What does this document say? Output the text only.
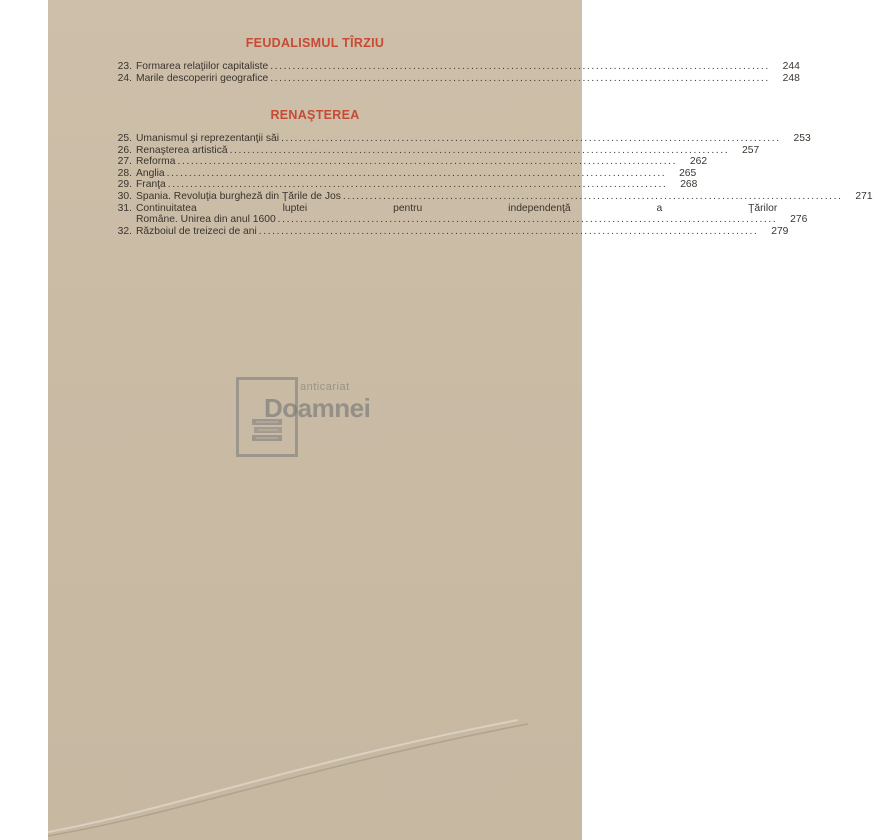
FEUDALISMUL TÎRZIU
23. Formarea relaţiilor capitaliste ................................................................................................................	244
24. Marile descoperiri geografice ................................................................................................................	248
RENAŞTEREA
25. Umanismul şi reprezentanţii săi ................................................................................................................	253
26. Renaşterea artistică ................................................................................................................	257
27. Reforma ................................................................................................................	262
28. Anglia ................................................................................................................	265
29. Franţa ................................................................................................................	268
30. Spania. Revoluţia burgheză din Ţările de Jos ................................................................................................................	271
31. Continuitatea luptei pentru independenţă a Ţărilor
Române. Unirea din anul 1600 ................................................................................................................	276
32. Războiul de treizeci de ani ................................................................................................................	279
anticariat
Doamnei
